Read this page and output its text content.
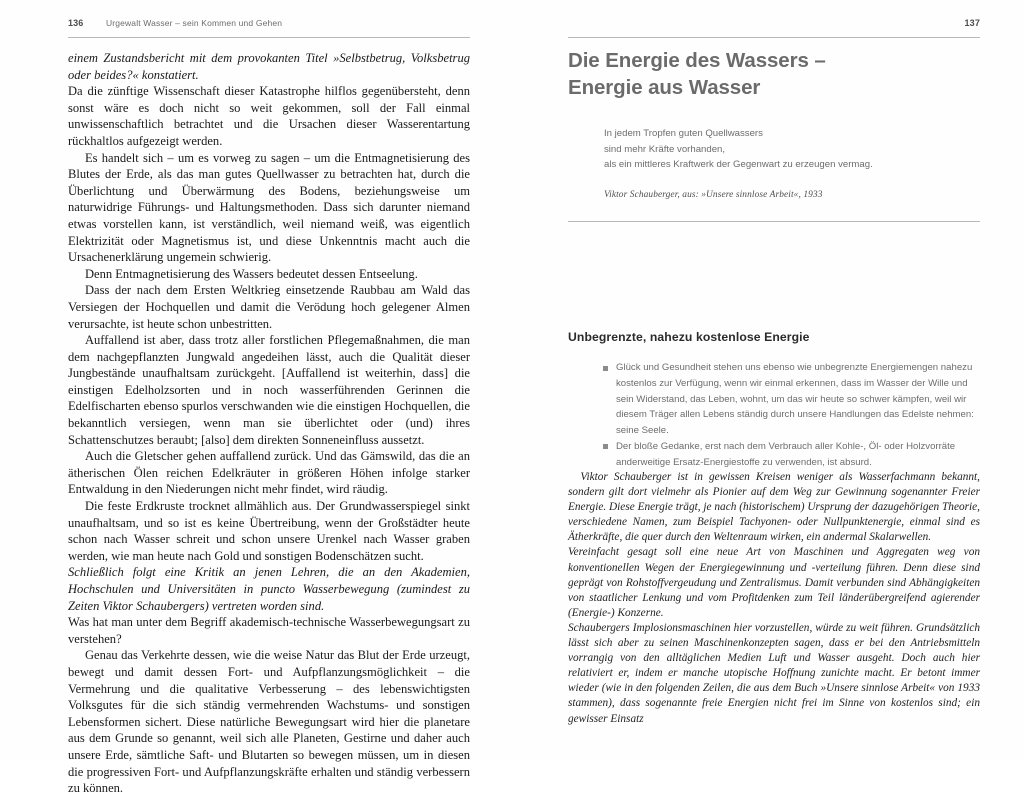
136	Urgewalt Wasser – sein Kommen und Gehen

einem Zustandsbericht mit dem provokanten Titel »Selbstbetrug, Volksbetrug oder beides?« konstatiert.

Da die zünftige Wissenschaft dieser Katastrophe hilflos gegenübersteht, denn sonst wäre es doch nicht so weit gekommen, soll der Fall einmal unwissenschaftlich betrachtet und die Ursachen dieser Wasserentartung rückhaltlos aufgezeigt werden.

Es handelt sich – um es vorweg zu sagen – um die Entmagnetisierung des Blutes der Erde, als das man gutes Quellwasser zu betrachten hat, durch die Überlichtung und Überwärmung des Bodens, beziehungsweise um naturwidrige Führungs- und Haltungsmethoden. Dass sich darunter niemand etwas vorstellen kann, ist verständlich, weil niemand weiß, was eigentlich Elektrizität oder Magnetismus ist, und diese Unkenntnis macht auch die Ursachenerklärung ungemein schwierig.

Denn Entmagnetisierung des Wassers bedeutet dessen Entseelung.

Dass der nach dem Ersten Weltkrieg einsetzende Raubbau am Wald das Versiegen der Hochquellen und damit die Verödung hoch gelegener Almen verursachte, ist heute schon unbestritten.

Auffallend ist aber, dass trotz aller forstlichen Pflegemaßnahmen, die man dem nachgepflanzten Jungwald angedeihen lässt, auch die Qualität dieser Jungbestände unaufhaltsam zurückgeht. [Auffallend ist weiterhin, dass] die einstigen Edelholzsorten und in noch wasserführenden Gerinnen die Edelfischarten ebenso spurlos verschwanden wie die einstigen Hochquellen, die bekanntlich versiegen, wenn man sie überlichtet oder (und) ihres Schattenschutzes beraubt; [also] dem direkten Sonneneinfluss aussetzt.

Auch die Gletscher gehen auffallend zurück. Und das Gämswild, das die an ätherischen Ölen reichen Edelkräuter in größeren Höhen infolge starker Entwaldung in den Niederungen nicht mehr findet, wird räudig.

Die feste Erdkruste trocknet allmählich aus. Der Grundwasserspiegel sinkt unaufhaltsam, und so ist es keine Übertreibung, wenn der Großstädter heute schon nach Wasser schreit und schon unsere Urenkel nach Wasser graben werden, wie man heute nach Gold und sonstigen Bodenschätzen sucht.

Schließlich folgt eine Kritik an jenen Lehren, die an den Akademien, Hochschulen und Universitäten in puncto Wasserbewegung (zumindest zu Zeiten Viktor Schaubergers) vertreten worden sind.

Was hat man unter dem Begriff akademisch-technische Wasserbewegungsart zu verstehen?

Genau das Verkehrte dessen, wie die weise Natur das Blut der Erde urzeugt, bewegt und damit dessen Fort- und Aufpflanzungsmöglichkeit – die Vermehrung und die qualitative Verbesserung – des lebenswichtigsten Volksgutes für die sich ständig vermehrenden Wachstums- und sonstigen Lebensformen sichert. Diese natürliche Bewegungsart wird hier die planetare aus dem Grunde so genannt, weil sich alle Planeten, Gestirne und daher auch unsere Erde, sämtliche Saft- und Blutarten so bewegen müssen, um in diesen die progressiven Fort- und Aufpflanzungskräfte erhalten und ständig verbessern zu können.

137
Die Energie des Wassers –
Energie aus Wasser
In jedem Tropfen guten Quellwassers
sind mehr Kräfte vorhanden,
als ein mittleres Kraftwerk der Gegenwart zu erzeugen vermag.
Viktor Schauberger, aus: »Unsere sinnlose Arbeit«, 1933
Unbegrenzte, nahezu kostenlose Energie
Glück und Gesundheit stehen uns ebenso wie unbegrenzte Energiemengen nahezu kostenlos zur Verfügung, wenn wir einmal erkennen, dass im Wasser der Wille und sein Widerstand, das Leben, wohnt, um das wir heute so schwer kämpfen, weil wir diesem Träger allen Lebens ständig durch unsere Handlungen das Edelste nehmen: seine Seele.
Der bloße Gedanke, erst nach dem Verbrauch aller Kohle-, Öl- oder Holzvorräte anderweitige Ersatz-Energiestoffe zu verwenden, ist absurd.

Viktor Schauberger ist in gewissen Kreisen weniger als Wasserfachmann bekannt, sondern gilt dort vielmehr als Pionier auf dem Weg zur Gewinnung sogenannter Freier Energie. Diese Energie trägt, je nach (historischem) Ursprung der dazugehörigen Theorie, verschiedene Namen, zum Beispiel Tachyonen- oder Nullpunktenergie, einmal sind es Ätherkräfte, die quer durch den Weltenraum wirken, ein andermal Skalarwellen.

Vereinfacht gesagt soll eine neue Art von Maschinen und Aggregaten weg von konventionellen Wegen der Energiegewinnung und -verteilung führen. Denn diese sind geprägt von Rohstoffvergeudung und Zentralismus. Damit verbunden sind Abhängigkeiten von staatlicher Lenkung und vom Profitdenken zum Teil länderübergreifend agierender (Energie-) Konzerne.

Schaubergers Implosionsmaschinen hier vorzustellen, würde zu weit führen. Grundsätzlich lässt sich aber zu seinen Maschinenkonzepten sagen, dass er bei den Antriebsmitteln vorrangig von den alltäglichen Medien Luft und Wasser ausgeht. Doch auch hier relativiert er, indem er manche utopische Hoffnung zunichte macht. Er betont immer wieder (wie in den folgenden Zeilen, die aus dem Buch »Unsere sinnlose Arbeit« von 1933 stammen), dass sogenannte freie Energien nicht frei im Sinne von kostenlos sind; ein gewisser Einsatz
